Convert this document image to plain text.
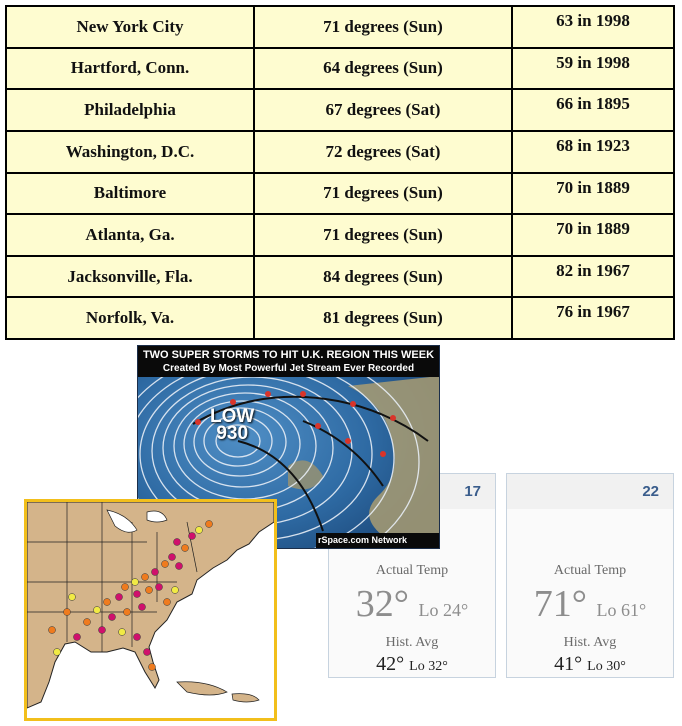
New York City	71 degrees (Sun)	63 in 1998
Hartford, Conn.	64 degrees (Sun)	59 in 1998
Philadelphia	67 degrees (Sat)	66 in 1895
Washington, D.C.	72 degrees (Sat)	68 in 1923
Baltimore	71 degrees (Sun)	70 in 1889
Atlanta, Ga.	71 degrees (Sun)	70 in 1889
Jacksonville, Fla.	84 degrees (Sun)	82 in 1967
Norfolk, Va.	81 degrees (Sun)	76 in 1967
TWO SUPER STORMS TO HIT U.K. REGION THIS WEEK
Created By Most Powerful Jet Stream Ever Recorded
LOW
930
rSpace.com Network
17
Actual Temp
32° Lo 24°
Hist. Avg
42° Lo 32°
22
Actual Temp
71° Lo 61°
Hist. Avg
41° Lo 30°
